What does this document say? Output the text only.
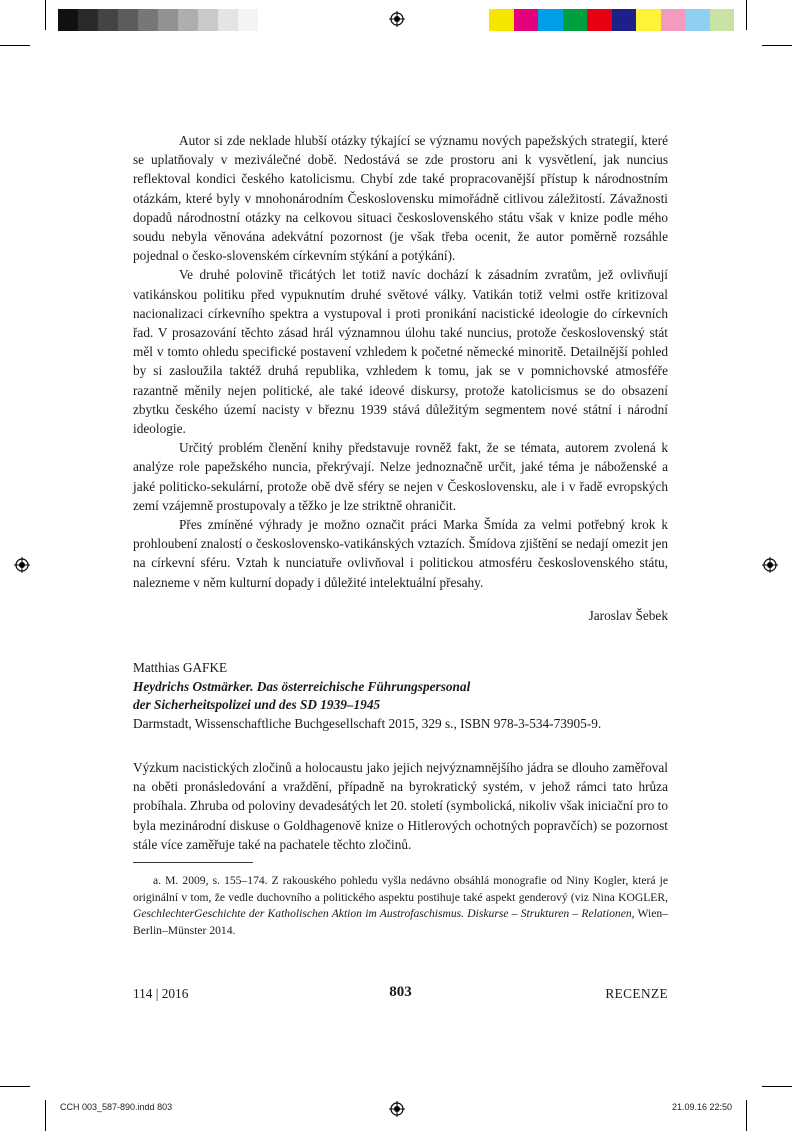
Autor si zde neklade hlubší otázky týkající se významu nových papežských strategií, které se uplatňovaly v meziválečné době. Nedostává se zde prostoru ani k vysvětlení, jak nuncius reflektoval kondici českého katolicismu. Chybí zde také propracovanější přístup k národnostním otázkám, které byly v mnohonárodním Československu mimořádně citlivou záležitostí. Závažnosti dopadů národnostní otázky na celkovou situaci československého státu však v knize podle mého soudu nebyla věnována adekvátní pozornost (je však třeba ocenit, že autor poměrně rozsáhle pojednal o česko-slovenském církevním stýkání a potýkání).

Ve druhé polovině třicátých let totiž navíc dochází k zásadním zvratům, jež ovlivňují vatikánskou politiku před vypuknutím druhé světové války. Vatikán totiž velmi ostře kritizoval nacionalizaci církevního spektra a vystupoval i proti pronikání nacistické ideologie do církevních řad. V prosazování těchto zásad hrál významnou úlohu také nuncius, protože československý stát měl v tomto ohledu specifické postavení vzhledem k početné německé minoritě. Detailnější pohled by si zasloužila taktéž druhá republika, vzhledem k tomu, jak se v pomnichovské atmosféře razantně měnily nejen politické, ale také ideové diskursy, protože katolicismus se do obsazení zbytku českého území nacisty v březnu 1939 stává důležitým segmentem nové státní i národní ideologie.

Určitý problém členění knihy představuje rovněž fakt, že se témata, autorem zvolená k analýze role papežského nuncia, překrývají. Nelze jednoznačně určit, jaké téma je náboženské a jaké politicko-sekulární, protože obě dvě sféry se nejen v Československu, ale i v řadě evropských zemí vzájemně prostupovaly a těžko je lze striktně ohraničit.

Přes zmíněné výhrady je možno označit práci Marka Šmída za velmi potřebný krok k prohloubení znalostí o československo-vatikánských vztazích. Šmídova zjištění se nedají omezit jen na církevní sféru. Vztah k nunciatuře ovlivňoval i politickou atmosféru československého státu, nalezneme v něm kulturní dopady i důležité intelektuální přesahy.

Jaroslav Šebek
Matthias GAFKE
Heydrichs Ostmärker. Das österreichische Führungspersonal
der Sicherheitspolizei und des SD 1939–1945
Darmstadt, Wissenschaftliche Buchgesellschaft 2015, 329 s., ISBN 978-3-534-73905-9.

Výzkum nacistických zločinů a holocaustu jako jejich nejvýznamnějšího jádra se dlouho zaměřoval na oběti pronásledování a vraždění, případně na byrokratický systém, v jehož rámci tato hrůza probíhala. Zhruba od poloviny devadesátých let 20. století (symbolická, nikoliv však iniciační pro to byla mezinárodní diskuse o Goldhagenově knize o Hitlerových ochotných popravčích) se pozornost stále více zaměřuje také na pachatele těchto zločinů.

a. M. 2009, s. 155–174. Z rakouského pohledu vyšla nedávno obsáhlá monografie od Niny Kogler, která je originální v tom, že vedle duchovního a politického aspektu postihuje také aspekt genderový (viz Nina KOGLER, GeschlechterGeschichte der Katholischen Aktion im Austrofaschismus. Diskurse – Strukturen – Relationen, Wien–Berlin–Münster 2014.
114 | 2016	803	RECENZE
CCH 003_587-890.indd 803	21.09.16 22:50
